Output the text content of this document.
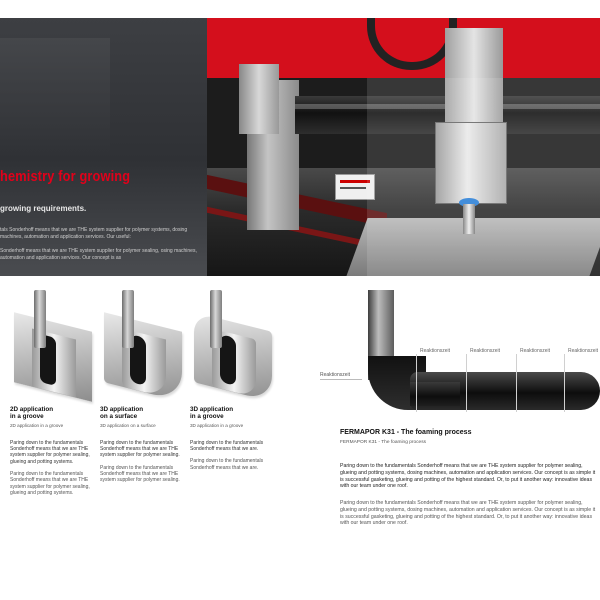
hemistry for growing
growing requirements.

tals Sonderhoff means that we are THE system supplier for polymer systems, dosing machines, automation and application services. Our useful:

Sonderhoff means that we are THE system supplier for polymer sealing, osing machines, automation and application services. Our concept is as

2D application
in a groove
2D application in a groove
Paring down to the fundamentals Sonderhoff means that we are THE system supplier for polymer sealing, glueing and potting systems.
Paring down to the fundamentals Sonderhoff means that we are THE system supplier for polymer sealing, glueing and potting systems.
3D application
on a surface
3D application on a surface
Paring down to the fundamentals Sonderhoff means that we are THE system supplier for polymer sealing.
Paring down to the fundamentals Sonderhoff means that we are THE system supplier for polymer sealing.
3D application
in a groove
3D application in a groove
Paring down to the fundamentals Sonderhoff means that we are.
Paring down to the fundamentals Sonderhoff means that we are.
Reaktionszeit
Reaktionszeit	Reaktionszeit	Reaktionszeit	Reaktionszeit
FERMAPOR K31 - The foaming process
FERMAPOR K31 - The foaming process
Paring down to the fundamentals Sonderhoff means that we are THE system supplier for polymer sealing, glueing and potting systems, dosing machines, automation and application services. Our concept is as simple it is successful gasketing, glueing and potting of the highest standard. Or, to put it another way: innovative ideas with our team under one roof.
Paring down to the fundamentals Sonderhoff means that we are THE system supplier for polymer sealing, glueing and potting systems, dosing machines, automation and application services. Our concept is as simple it is successful gasketing, glueing and potting of the highest standard. Or, to put it another way: innovative ideas with our team under one roof.
